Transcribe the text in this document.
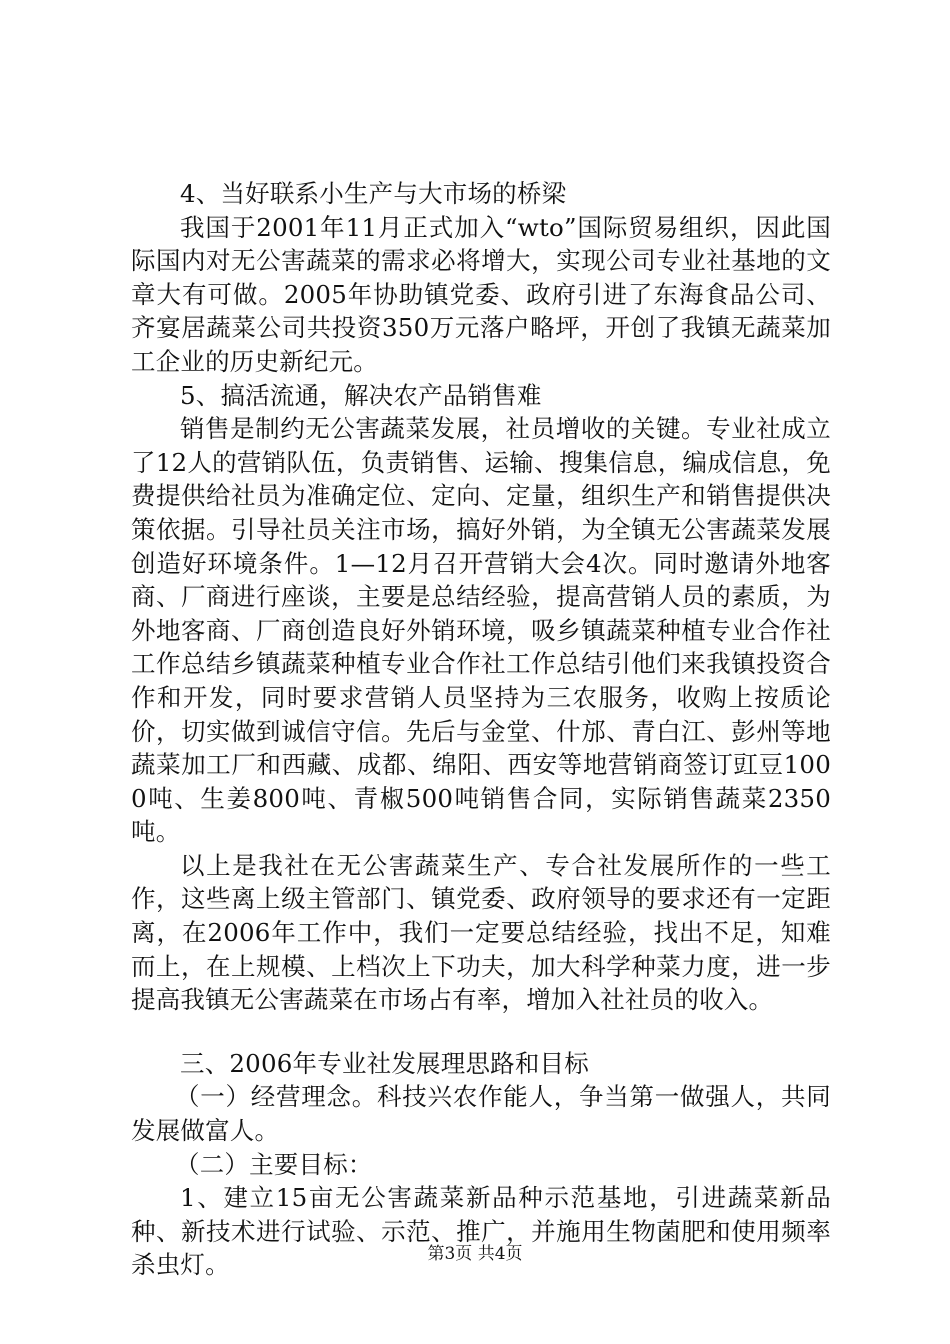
4、当好联系小生产与大市场的桥梁

我国于2001年11月正式加入“wto”国际贸易组织，因此国际国内对无公害蔬菜的需求必将增大，实现公司专业社基地的文章大有可做。2005年协助镇党委、政府引进了东海食品公司、齐宴居蔬菜公司共投资350万元落户略坪，开创了我镇无蔬菜加工企业的历史新纪元。

5、搞活流通，解决农产品销售难

销售是制约无公害蔬菜发展，社员增收的关键。专业社成立了12人的营销队伍，负责销售、运输、搜集信息，编成信息，免费提供给社员为准确定位、定向、定量，组织生产和销售提供决策依据。引导社员关注市场，搞好外销，为全镇无公害蔬菜发展创造好环境条件。1—12月召开营销大会4次。同时邀请外地客商、厂商进行座谈，主要是总结经验，提高营销人员的素质，为外地客商、厂商创造良好外销环境，吸乡镇蔬菜种植专业合作社工作总结乡镇蔬菜种植专业合作社工作总结引他们来我镇投资合作和开发，同时要求营销人员坚持为三农服务，收购上按质论价，切实做到诚信守信。先后与金堂、什邡、青白江、彭州等地蔬菜加工厂和西藏、成都、绵阳、西安等地营销商签订豇豆1000吨、生姜800吨、青椒500吨销售合同，实际销售蔬菜2350吨。

以上是我社在无公害蔬菜生产、专合社发展所作的一些工作，这些离上级主管部门、镇党委、政府领导的要求还有一定距离，在2006年工作中，我们一定要总结经验，找出不足，知难而上，在上规模、上档次上下功夫，加大科学种菜力度，进一步提高我镇无公害蔬菜在市场占有率，增加入社社员的收入。

三、2006年专业社发展理思路和目标

（一）经营理念。科技兴农作能人，争当第一做强人，共同发展做富人。

（二）主要目标：

1、建立15亩无公害蔬菜新品种示范基地，引进蔬菜新品种、新技术进行试验、示范、推广，并施用生物菌肥和使用频率杀虫灯。	第3页 共4页
